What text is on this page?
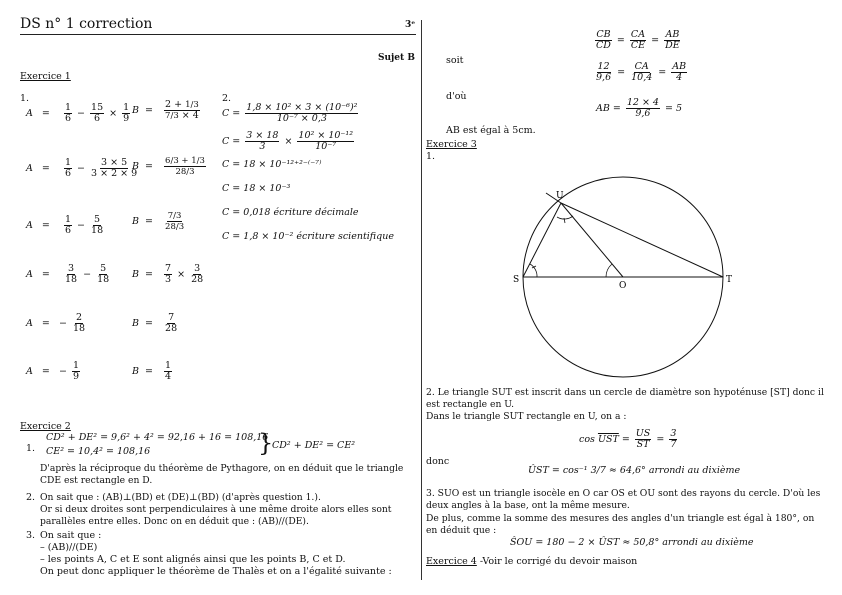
DS n° 1 correction	3ᵉ
Sujet B
Exercice 1
1.	2.
$A = \frac{1}{6} - \frac{15}{6} \times \frac{1}{9}$
$A = \frac{1}{6} - \frac{3 \times 5}{3 \times 2 \times 9}$
$A = \frac{1}{6} - \frac{5}{18}$
$A = \frac{3}{18} - \frac{5}{18}$
A   =   − $\frac{2}{18}$
A   =   − $\frac{1}{9}$
$B = \frac{2 + 1/3}{7/3 \times 4}$
$B = \frac{6/3 + 1/3}{28/3}$
$B = \frac{7/3}{28/3}$
$B = \frac{7}{3} \times \frac{3}{28}$
$B = \frac{7}{28}$
$B = \frac{1}{4}$
$C = \frac{\text{1,8 × 10² × 3 × (10⁻⁶)²}}{\text{10⁻⁷ × 0,3}}$
$C = \frac{3 \times 18}{3} \times \frac{\text{10² × 10⁻¹²}}{\text{10⁻⁷}}$
C = 18 × 10⁻¹²⁺²⁻⁽⁻⁷⁾
C = 18 × 10⁻³
C = 0,018 écriture décimale
C = 1,8 × 10⁻² écriture scientifique
Exercice 2
1.
CD² + DE² = 9,6² + 4² = 92,16 + 16 = 108,16
CE² = 10,4² = 108,16	}
CD² + DE² = CE²
D'après la réciproque du théorème de Pythagore, on en déduit que le triangle CDE est rectangle en D.
2. On sait que : (AB)⊥(BD) et (DE)⊥(BD) (d'après question 1.).
Or si deux droites sont perpendiculaires à une même droite alors elles sont parallèles entre elles. Donc on en déduit que : (AB)//(DE).
3. On sait que :
– (AB)//(DE)
– les points A, C et E sont alignés ainsi que les points B, C et D.
On peut donc appliquer le théorème de Thalès et on a l'égalité suivante :
$\frac{CB}{CD} = \frac{CA}{CE} = \frac{AB}{DE}$
soit
$\frac{12}{9,6} = \frac{CA}{10,4} = \frac{AB}{4}$
d'où
AB = $\frac{12 \times 4}{9,6} = 5$
AB est égal à 5cm.
Exercice 3
1.
U
S
O
T
2. Le triangle SUT est inscrit dans un cercle de diamètre son hypoténuse [ST] donc il est rectangle en U.
Dans le triangle SUT rectangle en U, on a :
$\cos \overline{UST} = \frac{US}{ST} = \frac{3}{7}$
donc
ÛST = cos⁻¹ 3/7 ≈ 64,6° arrondi au dixième
3. SUO est un triangle isocèle en O car OS et OU sont des rayons du cercle. D'où les deux angles à la base, ont la même mesure.
De plus, comme la somme des mesures des angles d'un triangle est égal à 180°, on en déduit que :
ŜOU = 180 − 2 × ÛST ≈ 50,8° arrondi au dixième
Exercice 4 -Voir le corrigé du devoir maison
